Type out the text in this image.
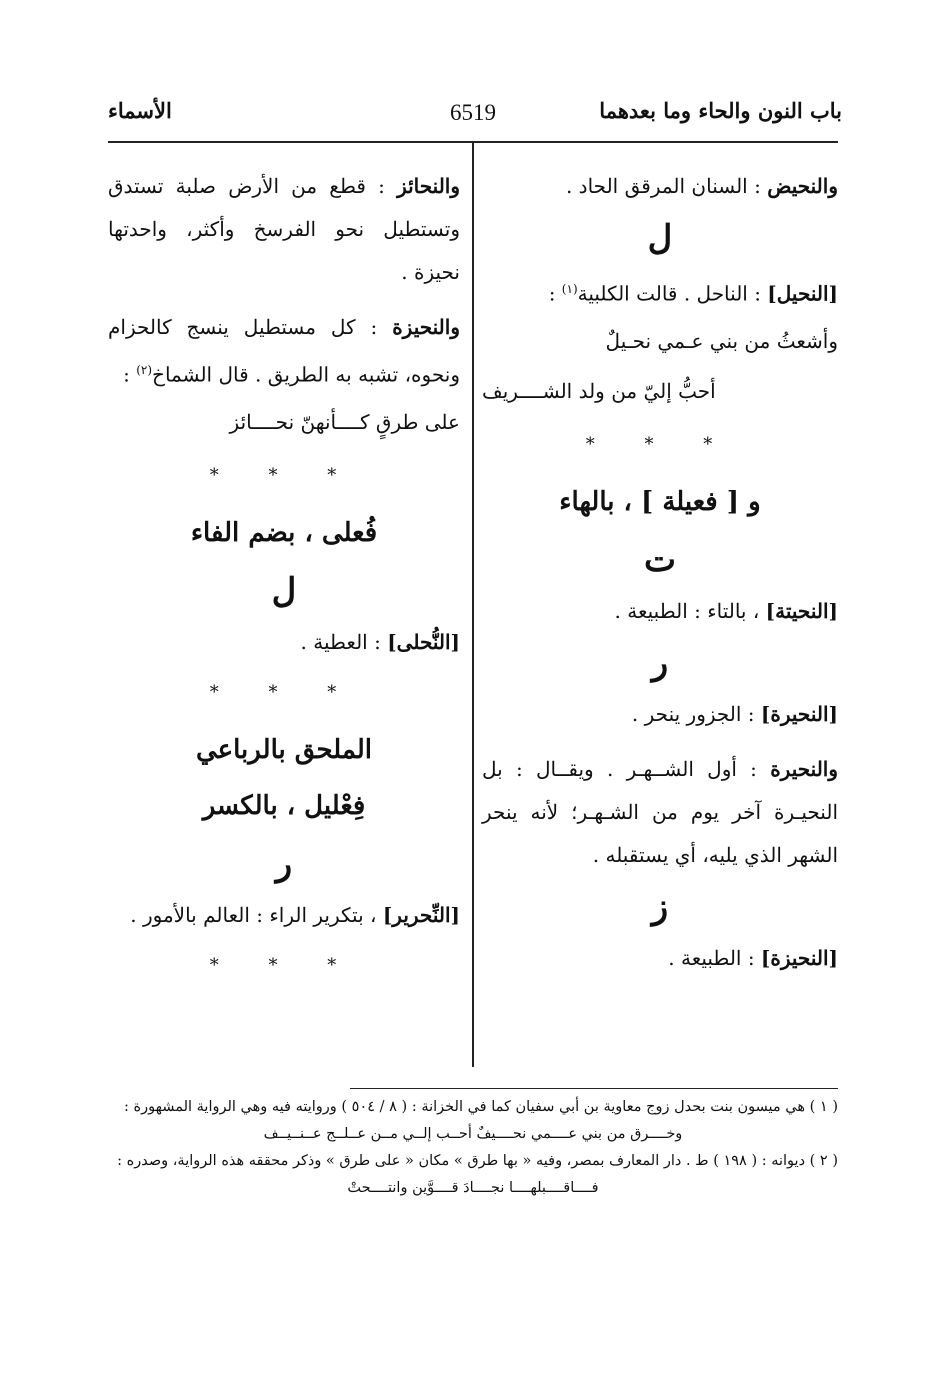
باب النون والحاء وما بعدهما
6519
الأسماء

والنحيض : السنان المرقق الحاد .

ل

[النحيل] : الناحل . قالت الكلبية$^{(١)}$ :

وأشعثُ من بني عـمي نحـيلٌ

أحبُّ إليّ من ولد الشــــريف

* * *
و [ فعيلة ] ، بالهاء
ت

[النحيتة] ، بالتاء : الطبيعة .

ر

[النحيرة] : الجزور ينحر .

والنحيرة : أول الشــهـر . ويقــال : بل النحيـرة آخر يوم من الشـهـر؛ لأنه ينحر الشهر الذي يليه، أي يستقبله .

ز

[النحيزة] : الطبيعة .

والنحائز : قطع من الأرض صلبة تستدق وتستطيل نحو الفرسخ وأكثر، واحدتها نحيزة .

والنحيزة : كل مستطيل ينسج كالحزام ونحوه، تشبه به الطريق . قال الشماخ$^{(٢)}$ :

على طرقٍ كــــأنهنّ نحــــائز

* * *
فُعلى ، بضم الفاء
ل

[النُّحلى] : العطية .

* * *
الملحق بالرباعي
فِعْليل ، بالكسر
ر

[النِّحرير] ، بتكرير الراء : العالم بالأمور .

* * *

( ١ ) هي ميسون بنت بحدل زوج معاوية بن أبي سفيان كما في الخزانة : ( ٨ / ٥٠٤ ) وروايته فيه وهي الرواية المشهورة :

وخــــرق من بني عــــمي نحــــيفٌ أحــب إلــي مــن عــلــج عــنــيــف

( ٢ ) ديوانه : ( ١٩٨ ) ط . دار المعارف بمصر، وفيه « بها طرق » مكان « على طرق » وذكر محققه هذه الرواية، وصدره :

فــــاقــــبلهــــا نجــــادَ قــــوَّين وانتــــحتْ
